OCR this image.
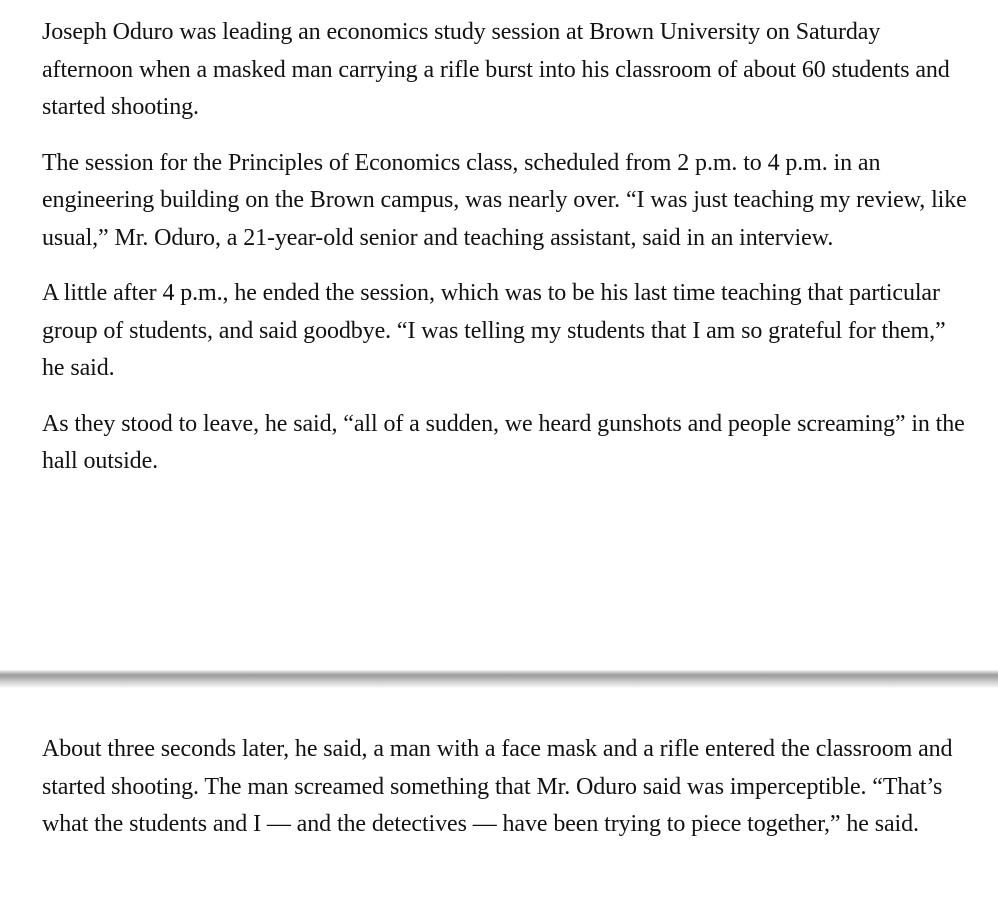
Joseph Oduro was leading an economics study session at Brown University on Saturday afternoon when a masked man carrying a rifle burst into his classroom of about 60 students and started shooting.

The session for the Principles of Economics class, scheduled from 2 p.m. to 4 p.m. in an engineering building on the Brown campus, was nearly over. “I was just teaching my review, like usual,” Mr. Oduro, a 21-year-old senior and teaching assistant, said in an interview.

A little after 4 p.m., he ended the session, which was to be his last time teaching that particular group of students, and said goodbye. “I was telling my students that I am so grateful for them,” he said.

As they stood to leave, he said, “all of a sudden, we heard gunshots and people screaming” in the hall outside.

About three seconds later, he said, a man with a face mask and a rifle entered the classroom and started shooting. The man screamed something that Mr. Oduro said was imperceptible. “That’s what the students and I — and the detectives — have been trying to piece together,” he said.
